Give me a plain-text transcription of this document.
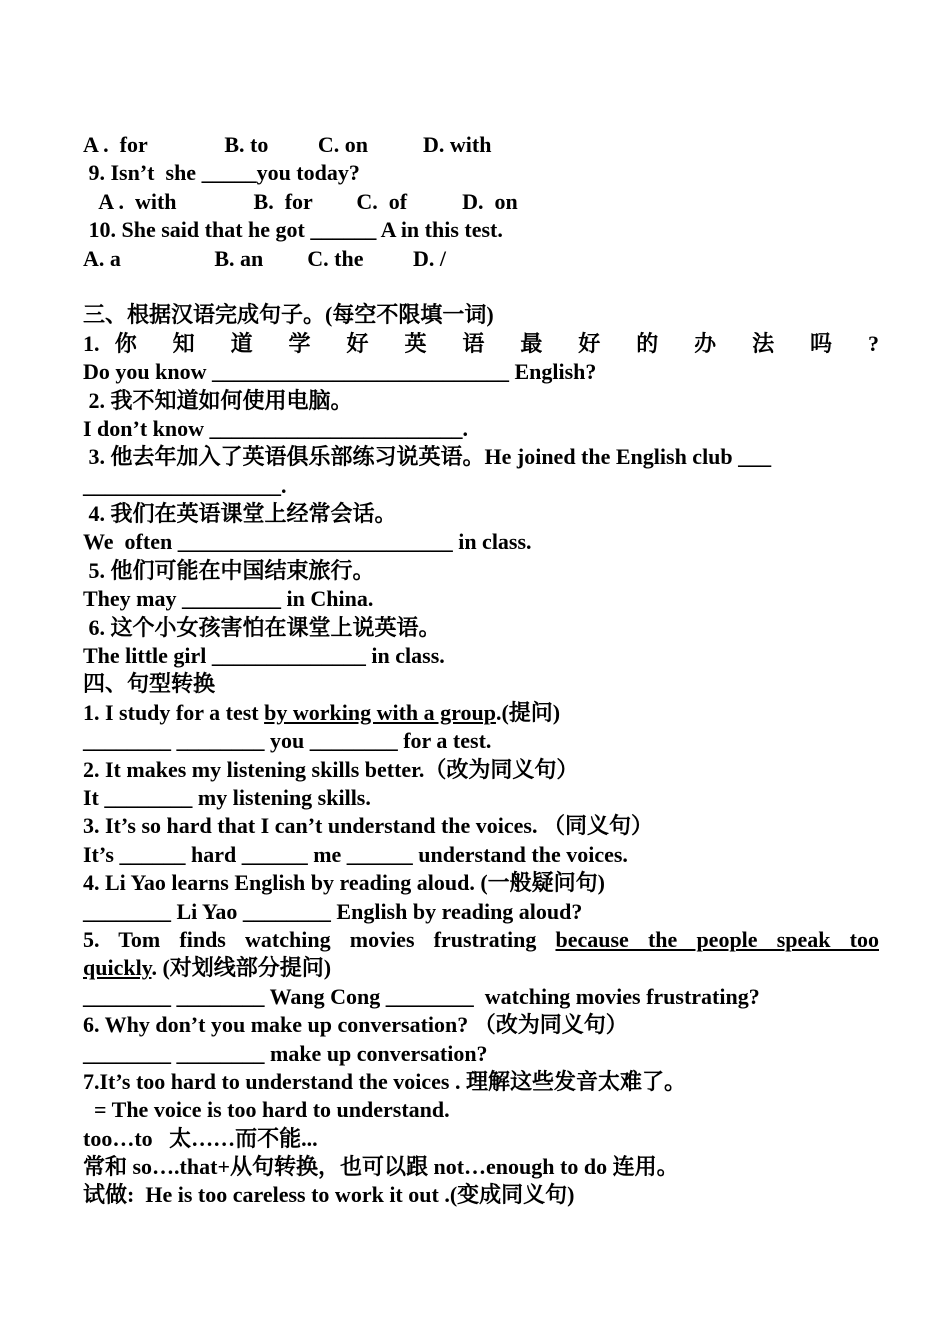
A .  for              B. to         C. on          D. with
9. Isn’t  she _____you today?
A .  with              B.  for        C.  of          D.  on
10. She said that he got ______ A in this test.
A. a                 B. an        C. the         D. /
三、根据汉语完成句子。(每空不限填一词)
1.你 知 道 学 好 英 语 最 好 的 办 法 吗 ?
Do you know ___________________________ English?
2. 我不知道如何使用电脑。
I don’t know _______________________.
3. 他去年加入了英语俱乐部练习说英语。He joined the English club ___
__________________.
4. 我们在英语课堂上经常会话。
We  often _________________________ in class.
5. 他们可能在中国结束旅行。
They may _________ in China.
6. 这个小女孩害怕在课堂上说英语。
The little girl ______________ in class.
四、句型转换
1. I study for a test by working with a group.(提问)
________ ________ you ________ for a test.
2. It makes my listening skills better.（改为同义句）
It ________ my listening skills.
3. It’s so hard that I can’t understand the voices. （同义句）
It’s ______ hard ______ me ______ understand the voices.
4. Li Yao learns English by reading aloud. (一般疑问句)
________ Li Yao ________ English by reading aloud?
5. Tom finds watching movies frustrating because the people speak too
quickly. (对划线部分提问)
________ ________ Wang Cong ________  watching movies frustrating?
6. Why don’t you make up conversation? （改为同义句）
________ ________ make up conversation?
7.It’s too hard to understand the voices . 理解这些发音太难了。
= The voice is too hard to understand.
too…to   太……而不能...
常和 so….that+从句转换，也可以跟 not…enough to do 连用。
试做:  He is too careless to work it out .(变成同义句)
